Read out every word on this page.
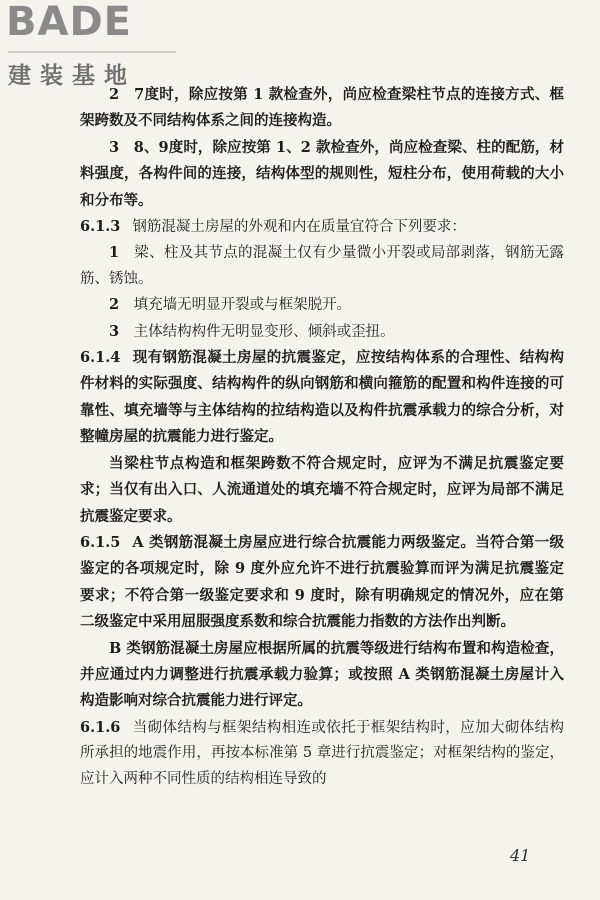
BADE
建装基地

2　7度时，除应按第 1 款检查外，尚应检查梁柱节点的连接方式、框架跨数及不同结构体系之间的连接构造。

3　8、9度时，除应按第 1、2 款检查外，尚应检查梁、柱的配筋，材料强度，各构件间的连接，结构体型的规则性，短柱分布，使用荷载的大小和分布等。

6.1.3 钢筋混凝土房屋的外观和内在质量宜符合下列要求：

1　梁、柱及其节点的混凝土仅有少量微小开裂或局部剥落，钢筋无露筋、锈蚀。

2　填充墙无明显开裂或与框架脱开。

3　主体结构构件无明显变形、倾斜或歪扭。

6.1.4 现有钢筋混凝土房屋的抗震鉴定，应按结构体系的合理性、结构构件材料的实际强度、结构构件的纵向钢筋和横向箍筋的配置和构件连接的可靠性、填充墙等与主体结构的拉结构造以及构件抗震承载力的综合分析，对整幢房屋的抗震能力进行鉴定。

当梁柱节点构造和框架跨数不符合规定时，应评为不满足抗震鉴定要求；当仅有出入口、人流通道处的填充墙不符合规定时，应评为局部不满足抗震鉴定要求。

6.1.5 A 类钢筋混凝土房屋应进行综合抗震能力两级鉴定。当符合第一级鉴定的各项规定时，除 9 度外应允许不进行抗震验算而评为满足抗震鉴定要求；不符合第一级鉴定要求和 9 度时，除有明确规定的情况外，应在第二级鉴定中采用屈服强度系数和综合抗震能力指数的方法作出判断。

B 类钢筋混凝土房屋应根据所属的抗震等级进行结构布置和构造检查，并应通过内力调整进行抗震承载力验算；或按照 A 类钢筋混凝土房屋计入构造影响对综合抗震能力进行评定。

6.1.6 当砌体结构与框架结构相连或依托于框架结构时，应加大砌体结构所承担的地震作用，再按本标准第 5 章进行抗震鉴定；对框架结构的鉴定，应计入两种不同性质的结构相连导致的

41
